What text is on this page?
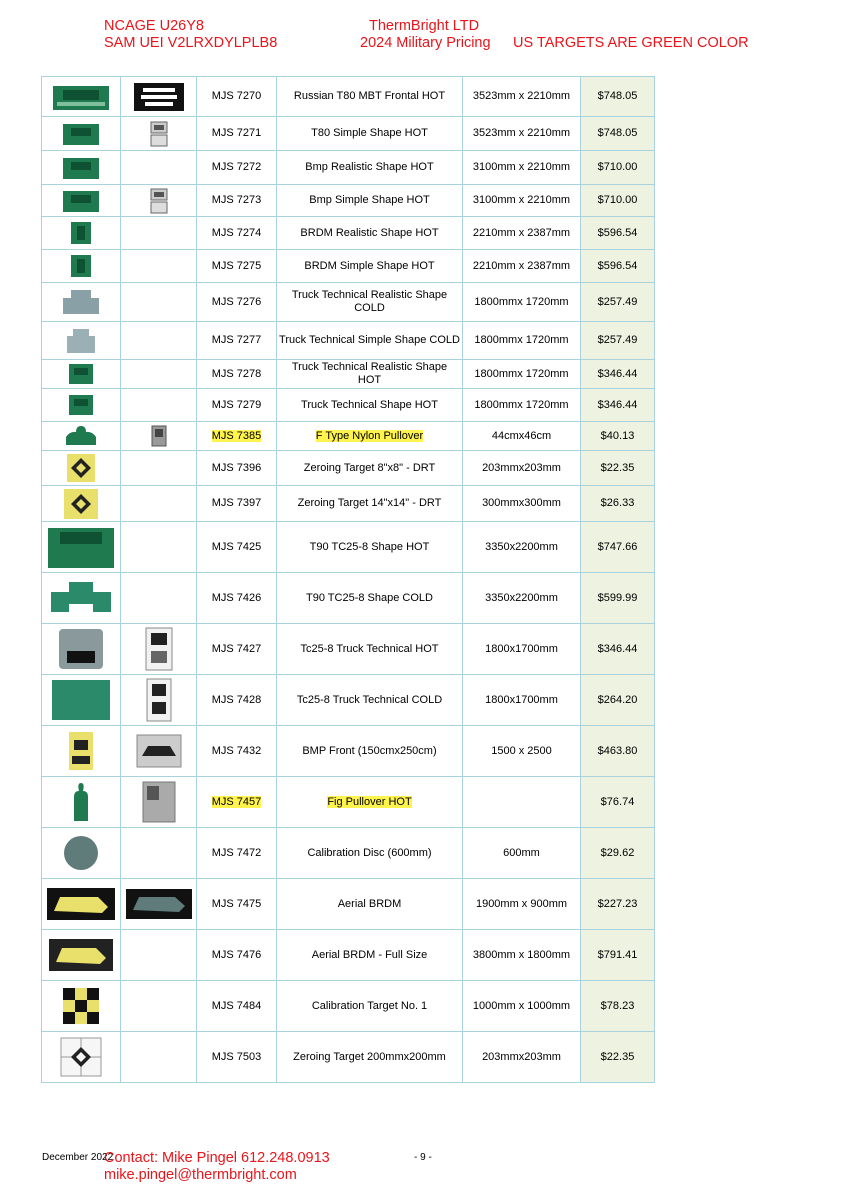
NCAGE U26Y8
SAM UEI V2LRXDYLPLB8
ThermBright LTD
2024 Military Pricing US TARGETS ARE GREEN COLOR

	MJS 7270	Russian T80 MBT Frontal HOT	3523mm x 2210mm	$748.05

	MJS 7271	T80 Simple Shape HOT	3523mm x 2210mm	$748.05

		MJS 7272	Bmp Realistic Shape HOT	3100mm x 2210mm	$710.00

	MJS 7273	Bmp Simple Shape HOT	3100mm x 2210mm	$710.00

		MJS 7274	BRDM Realistic Shape HOT	2210mm x 2387mm	$596.54

		MJS 7275	BRDM Simple Shape HOT	2210mm x 2387mm	$596.54

		MJS 7276	Truck Technical Realistic Shape COLD	1800mmx 1720mm	$257.49

		MJS 7277	Truck Technical Simple Shape COLD	1800mmx 1720mm	$257.49

		MJS 7278	Truck Technical Realistic Shape HOT	1800mmx 1720mm	$346.44

		MJS 7279	Truck Technical Shape HOT	1800mmx 1720mm	$346.44

	MJS 7385	F Type Nylon Pullover	44cmx46cm	$40.13

		MJS 7396	Zeroing Target 8"x8" - DRT	203mmx203mm	$22.35

		MJS 7397	Zeroing Target 14"x14" - DRT	300mmx300mm	$26.33

		MJS 7425	T90 TC25-8 Shape HOT	3350x2200mm	$747.66

		MJS 7426	T90 TC25-8 Shape COLD	3350x2200mm	$599.99

	MJS 7427	Tc25-8 Truck Technical HOT	1800x1700mm	$346.44

	MJS 7428	Tc25-8 Truck Technical COLD	1800x1700mm	$264.20

	MJS 7432	BMP Front (150cmx250cm)	1500 x 2500	$463.80

	MJS 7457	Fig Pullover HOT		$76.74

		MJS 7472	Calibration Disc (600mm)	600mm	$29.62

	MJS 7475	Aerial BRDM	1900mm x 900mm	$227.23

		MJS 7476	Aerial BRDM - Full Size	3800mm x 1800mm	$791.41

		MJS 7484	Calibration Target No. 1	1000mm x 1000mm	$78.23

		MJS 7503	Zeroing Target 200mmx200mm	203mmx203mm	$22.35
December 2022
Contact: Mike Pingel 612.248.0913
mike.pingel@thermbright.com
- 9 -
